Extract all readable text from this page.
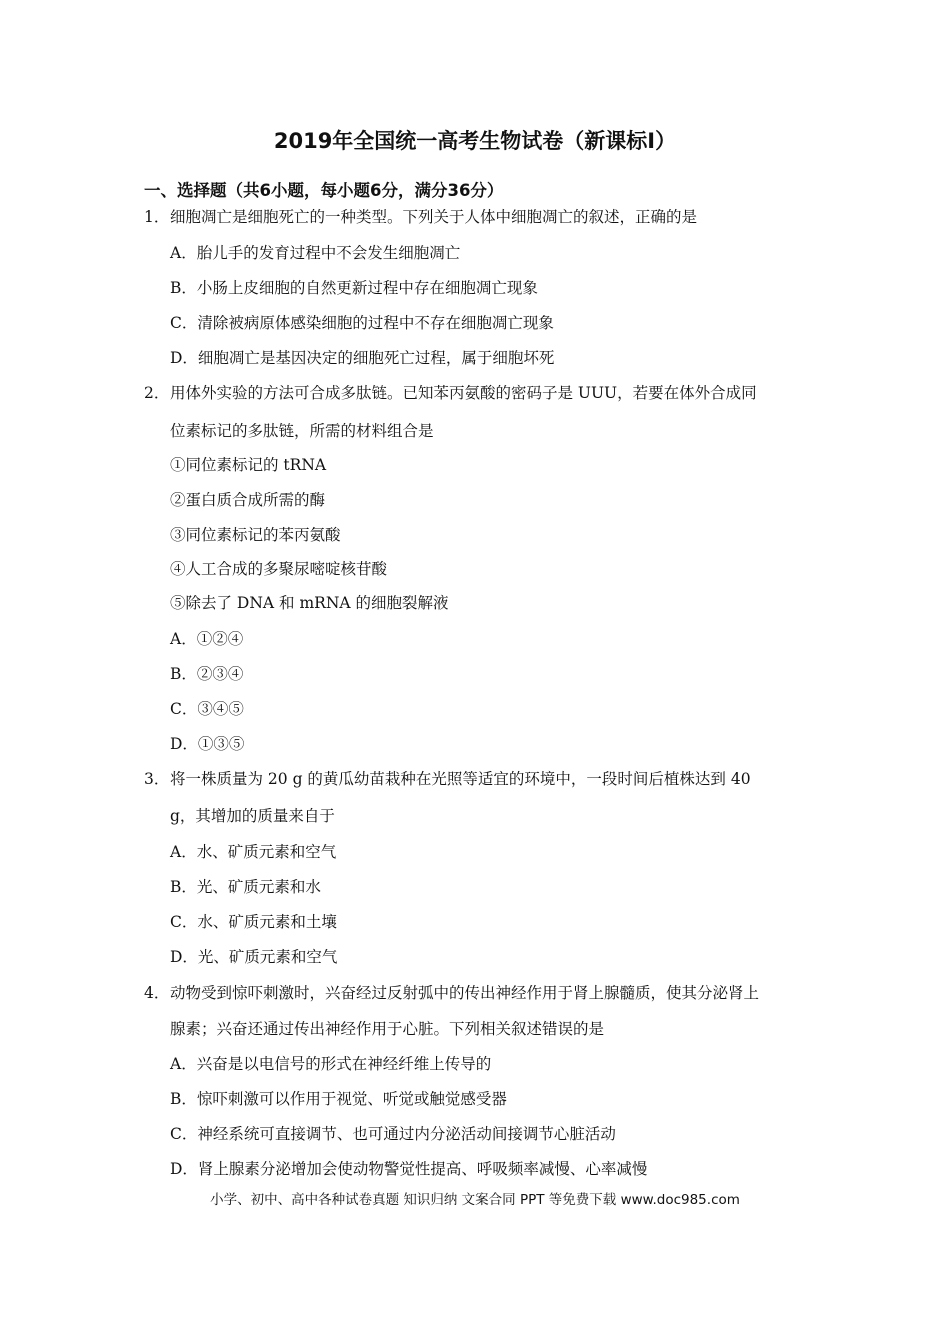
2019年全国统一高考生物试卷（新课标Ⅰ）
一、选择题（共6小题，每小题6分，满分36分）
1． 细胞凋亡是细胞死亡的一种类型。下列关于人体中细胞凋亡的叙述，正确的是
A．胎儿手的发育过程中不会发生细胞凋亡
B．小肠上皮细胞的自然更新过程中存在细胞凋亡现象
C．清除被病原体感染细胞的过程中不存在细胞凋亡现象
D．细胞凋亡是基因决定的细胞死亡过程，属于细胞坏死
2． 用体外实验的方法可合成多肽链。已知苯丙氨酸的密码子是 UUU，若要在体外合成同
位素标记的多肽链，所需的材料组合是
①同位素标记的 tRNA
②蛋白质合成所需的酶
③同位素标记的苯丙氨酸
④人工合成的多聚尿嘧啶核苷酸
⑤除去了 DNA 和 mRNA 的细胞裂解液
A．①②④
B．②③④
C．③④⑤
D．①③⑤
3． 将一株质量为 20 g 的黄瓜幼苗栽种在光照等适宜的环境中，一段时间后植株达到 40
g，其增加的质量来自于
A．水、矿质元素和空气
B．光、矿质元素和水
C．水、矿质元素和土壤
D．光、矿质元素和空气
4． 动物受到惊吓刺激时，兴奋经过反射弧中的传出神经作用于肾上腺髓质，使其分泌肾上
腺素；兴奋还通过传出神经作用于心脏。下列相关叙述错误的是
A．兴奋是以电信号的形式在神经纤维上传导的
B．惊吓刺激可以作用于视觉、听觉或触觉感受器
C．神经系统可直接调节、也可通过内分泌活动间接调节心脏活动
D．肾上腺素分泌增加会使动物警觉性提高、呼吸频率减慢、心率减慢
小学、初中、高中各种试卷真题 知识归纳 文案合同 PPT 等免费下载 www.doc985.com
